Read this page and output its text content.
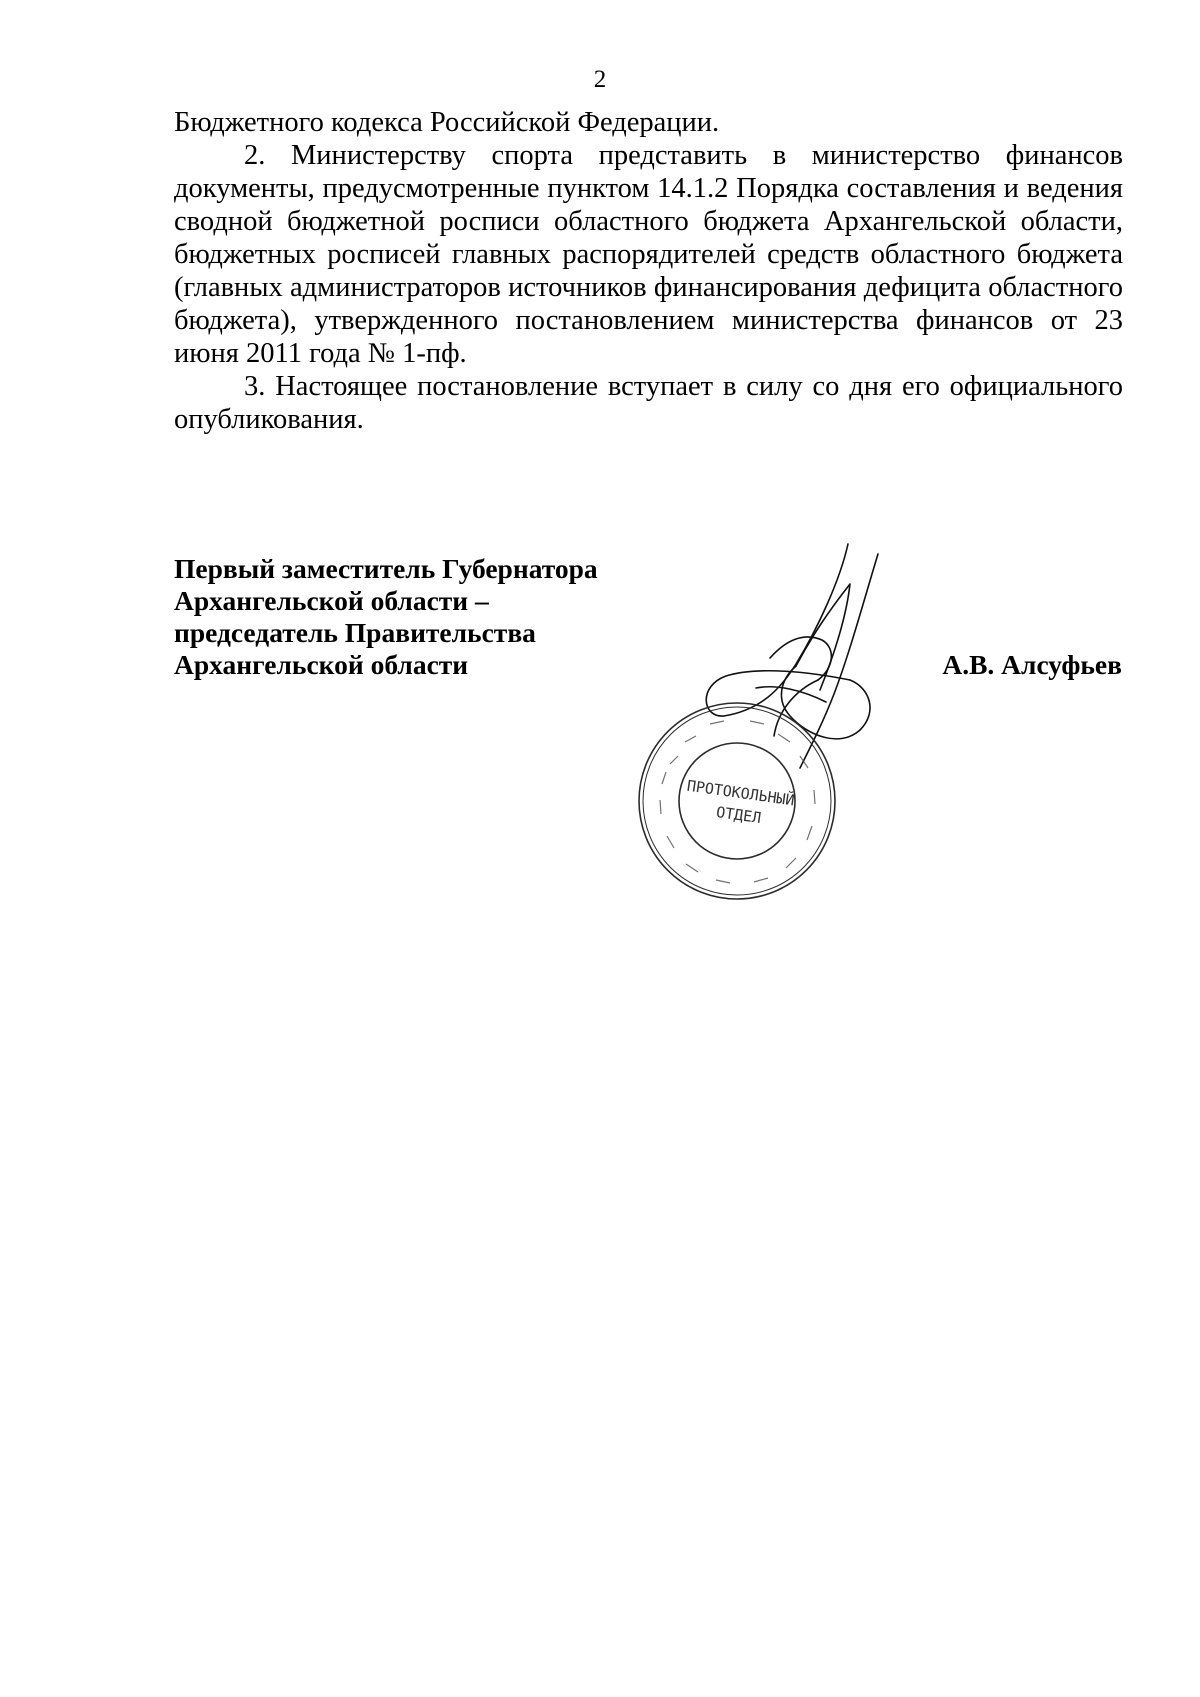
2

Бюджетного кодекса Российской Федерации.

2. Министерству спорта представить в министерство финансов документы, предусмотренные пунктом 14.1.2 Порядка составления и ведения сводной бюджетной росписи областного бюджета Архангельской области, бюджетных росписей главных распорядителей средств областного бюджета (главных администраторов источников финансирования дефицита областного бюджета), утвержденного постановлением министерства финансов от 23 июня 2011 года № 1-пф.

3. Настоящее постановление вступает в силу со дня его официального опубликования.

Первый заместитель Губернатора
Архангельской области –
председатель Правительства
Архангельской области	А.В. Алсуфьев
ПРОТОКОЛЬНЫЙ
ОТДЕЛ
